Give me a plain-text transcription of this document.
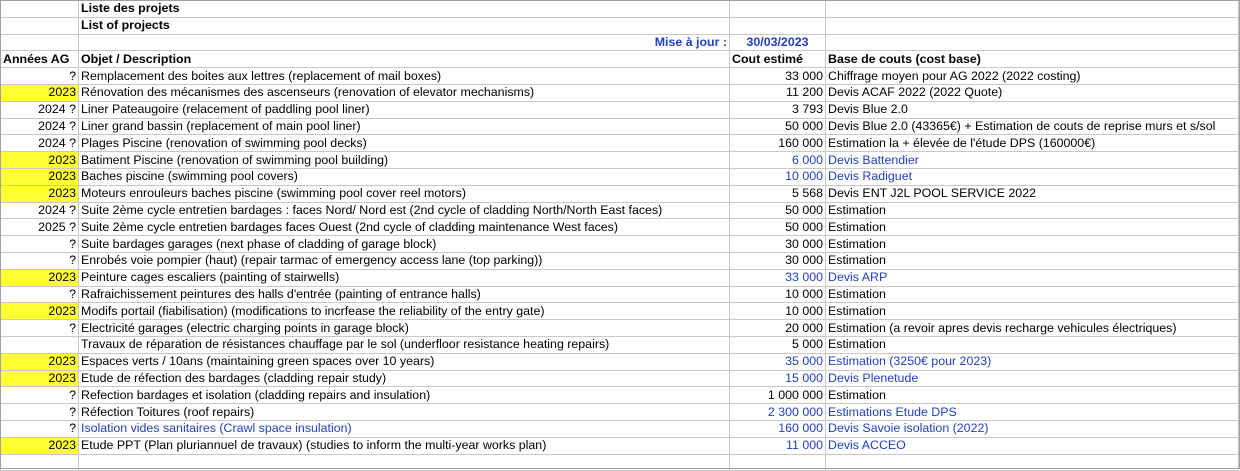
	Liste des projets		
	List of projects		
	Mise à jour :	30/03/2023	
Années AG	Objet / Description	Cout estimé	Base de couts (cost base)
?	Remplacement des boites aux lettres (replacement of mail boxes)	33 000	Chiffrage moyen pour AG 2022 (2022 costing)
2023	Rénovation des mécanismes des ascenseurs (renovation of elevator mechanisms)	11 200	Devis ACAF 2022 (2022 Quote)
2024 ?	Liner Pateaugoire (relacement of paddling pool liner)	3 793	Devis Blue 2.0
2024 ?	Liner grand bassin (replacement of main pool liner)	50 000	Devis Blue 2.0 (43365€) + Estimation de couts de reprise murs et s/sol
2024 ?	Plages Piscine (renovation of swimming pool decks)	160 000	Estimation la + élevée de l'étude DPS (160000€)
2023	Batiment Piscine (renovation of swimming pool building)	6 000	Devis Battendier
2023	Baches piscine (swimming pool covers)	10 000	Devis Radiguet
2023	Moteurs enrouleurs baches piscine (swimming pool cover reel motors)	5 568	Devis ENT J2L POOL SERVICE 2022
2024 ?	Suite 2ème cycle entretien bardages : faces Nord/ Nord est (2nd cycle of cladding North/North East faces)	50 000	Estimation
2025 ?	Suite 2ème cycle entretien bardages faces Ouest (2nd cycle of cladding maintenance West faces)	50 000	Estimation
?	Suite bardages garages (next phase of cladding of garage block)	30 000	Estimation
?	Enrobés voie pompier (haut) (repair tarmac of emergency access lane (top parking))	30 000	Estimation
2023	Peinture cages escaliers (painting of stairwells)	33 000	Devis ARP
?	Rafraichissement peintures des halls d'entrée (painting of entrance halls)	10 000	Estimation
2023	Modifs portail (fiabilisation) (modifications to incrfease the reliability of the entry gate)	10 000	Estimation
?	Electricité garages (electric charging points in garage block)	20 000	Estimation (a revoir apres devis recharge vehicules électriques)
	Travaux de réparation de résistances chauffage par le sol (underfloor resistance heating repairs)	5 000	Estimation
2023	Espaces verts / 10ans (maintaining green spaces over 10 years)	35 000	Estimation (3250€ pour 2023)
2023	Etude de réfection des bardages (cladding repair study)	15 000	Devis Plenetude
?	Refection bardages et isolation (cladding repairs and insulation)	1 000 000	Estimation
?	Réfection Toitures (roof repairs)	2 300 000	Estimations Etude DPS
?	Isolation vides sanitaires (Crawl space insulation)	160 000	Devis Savoie isolation (2022)
2023	Etude PPT (Plan pluriannuel de travaux) (studies to inform the multi-year works plan)	11 000	Devis ACCEO
